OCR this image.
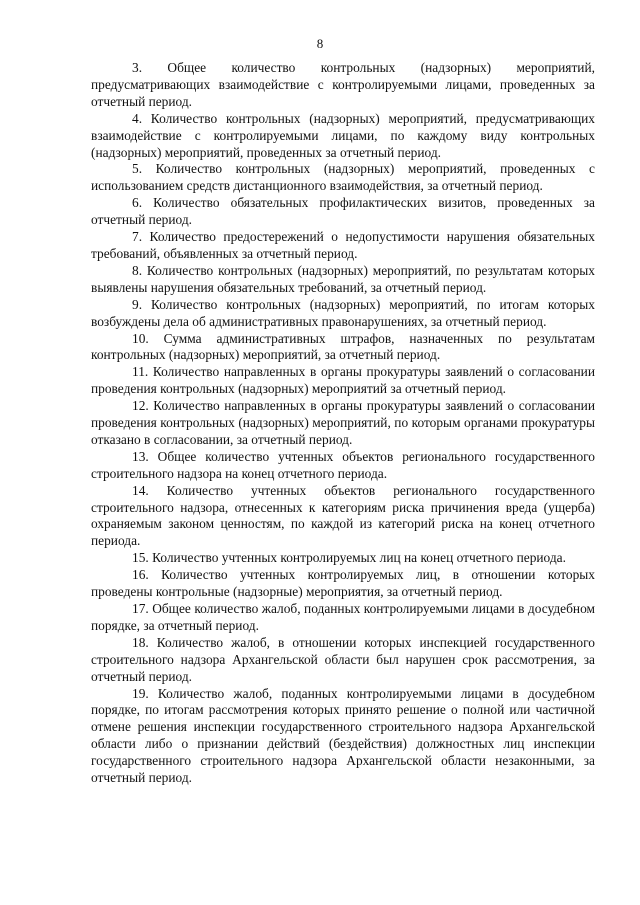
8

3. Общее количество контрольных (надзорных) мероприятий, предусматривающих взаимодействие с контролируемыми лицами, проведенных за отчетный период.

4. Количество контрольных (надзорных) мероприятий, предусматривающих взаимодействие с контролируемыми лицами, по каждому виду контрольных (надзорных) мероприятий, проведенных за отчетный период.

5. Количество контрольных (надзорных) мероприятий, проведенных с использованием средств дистанционного взаимодействия, за отчетный период.

6. Количество обязательных профилактических визитов, проведенных за отчетный период.

7. Количество предостережений о недопустимости нарушения обязательных требований, объявленных за отчетный период.

8. Количество контрольных (надзорных) мероприятий, по результатам которых выявлены нарушения обязательных требований, за отчетный период.

9. Количество контрольных (надзорных) мероприятий, по итогам которых возбуждены дела об административных правонарушениях, за отчетный период.

10. Сумма административных штрафов, назначенных по результатам контрольных (надзорных) мероприятий, за отчетный период.

11. Количество направленных в органы прокуратуры заявлений о согласовании проведения контрольных (надзорных) мероприятий за отчетный период.

12. Количество направленных в органы прокуратуры заявлений о согласовании проведения контрольных (надзорных) мероприятий, по которым органами прокуратуры отказано в согласовании, за отчетный период.

13. Общее количество учтенных объектов регионального государственного строительного надзора на конец отчетного периода.

14. Количество учтенных объектов регионального государственного строительного надзора, отнесенных к категориям риска причинения вреда (ущерба) охраняемым законом ценностям, по каждой из категорий риска на конец отчетного периода.

15. Количество учтенных контролируемых лиц на конец отчетного периода.

16. Количество учтенных контролируемых лиц, в отношении которых проведены контрольные (надзорные) мероприятия, за отчетный период.

17. Общее количество жалоб, поданных контролируемыми лицами в досудебном порядке, за отчетный период.

18. Количество жалоб, в отношении которых инспекцией государственного строительного надзора Архангельской области был нарушен срок рассмотрения, за отчетный период.

19. Количество жалоб, поданных контролируемыми лицами в досудебном порядке, по итогам рассмотрения которых принято решение о полной или частичной отмене решения инспекции государственного строительного надзора Архангельской области либо о признании действий (бездействия) должностных лиц инспекции государственного строительного надзора Архангельской области незаконными, за отчетный период.
